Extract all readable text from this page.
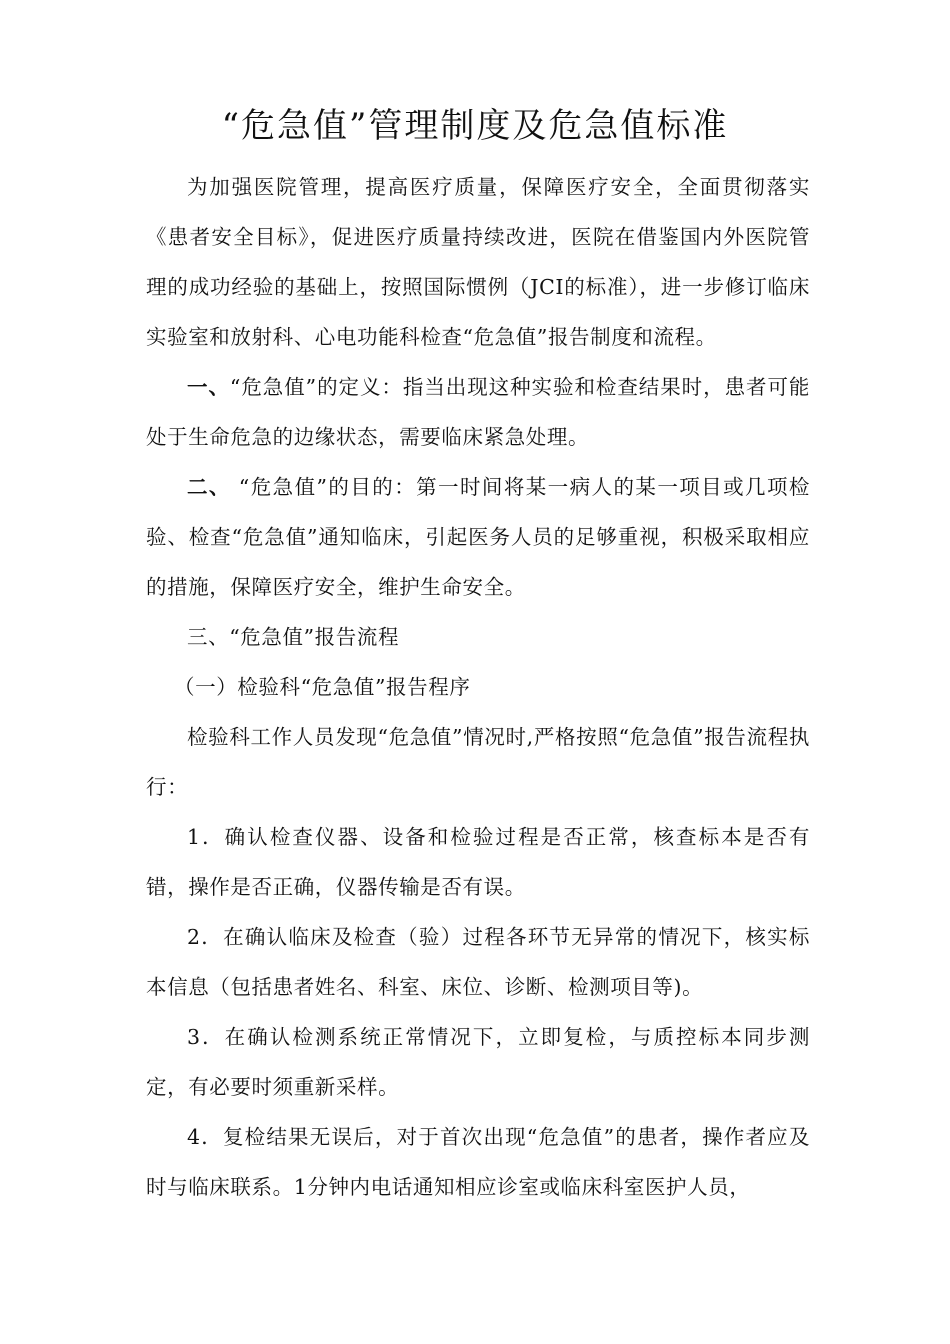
“危急值”管理制度及危急值标准

为加强医院管理，提高医疗质量，保障医疗安全，全面贯彻落实《患者安全目标》，促进医疗质量持续改进，医院在借鉴国内外医院管理的成功经验的基础上，按照国际惯例（JCI的标准），进一步修订临床实验室和放射科、心电功能科检查“危急值”报告制度和流程。

一、“危急值”的定义：指当出现这种实验和检查结果时，患者可能处于生命危急的边缘状态，需要临床紧急处理。

二、 “危急值”的目的：第一时间将某一病人的某一项目或几项检验、检查“危急值”通知临床，引起医务人员的足够重视，积极采取相应的措施，保障医疗安全，维护生命安全。

三、“危急值”报告流程

（一）检验科“危急值”报告程序

检验科工作人员发现“危急值”情况时,严格按照“危急值”报告流程执行：

1．确认检查仪器、设备和检验过程是否正常，核查标本是否有错，操作是否正确，仪器传输是否有误。

2．在确认临床及检查（验）过程各环节无异常的情况下，核实标本信息（包括患者姓名、科室、床位、诊断、检测项目等)。

3．在确认检测系统正常情况下，立即复检，与质控标本同步测定，有必要时须重新采样。

4．复检结果无误后，对于首次出现“危急值”的患者，操作者应及时与临床联系。1分钟内电话通知相应诊室或临床科室医护人员，
